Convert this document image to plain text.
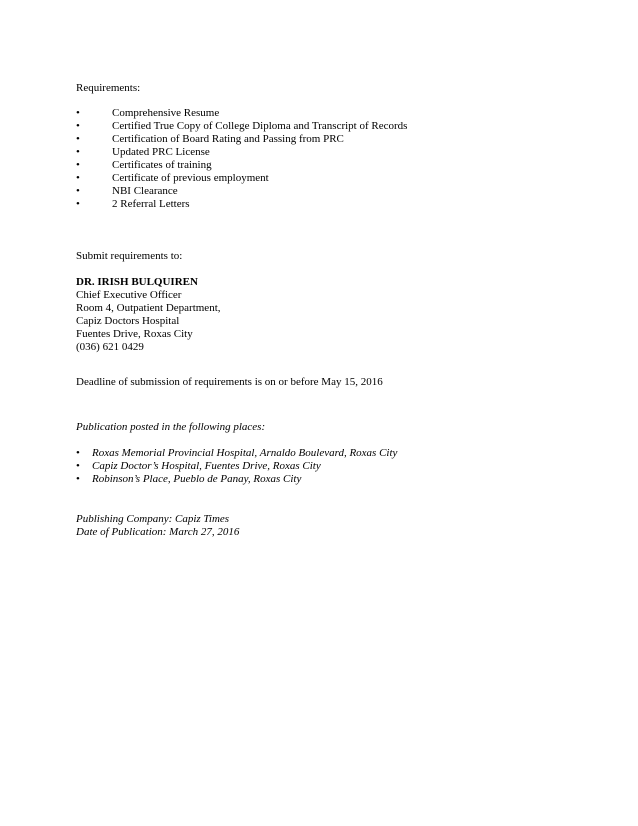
Requirements:
•	Comprehensive Resume
•	Certified True Copy of College Diploma and Transcript of Records
•	Certification of Board Rating and Passing from PRC
•	Updated PRC License
•	Certificates of training
•	Certificate of previous employment
•	NBI Clearance
•	2 Referral Letters
Submit requirements to:
DR. IRISH BULQUIREN
Chief Executive Officer
Room 4, Outpatient Department,
Capiz Doctors Hospital
Fuentes Drive, Roxas City
(036) 621 0429
Deadline of submission of requirements is on or before May 15, 2016
Publication posted in the following places:
• Roxas Memorial Provincial Hospital, Arnaldo Boulevard, Roxas City
• Capiz Doctor’s Hospital, Fuentes Drive, Roxas City
• Robinson’s Place, Pueblo de Panay, Roxas City
Publishing Company: Capiz Times
Date of Publication: March 27, 2016
